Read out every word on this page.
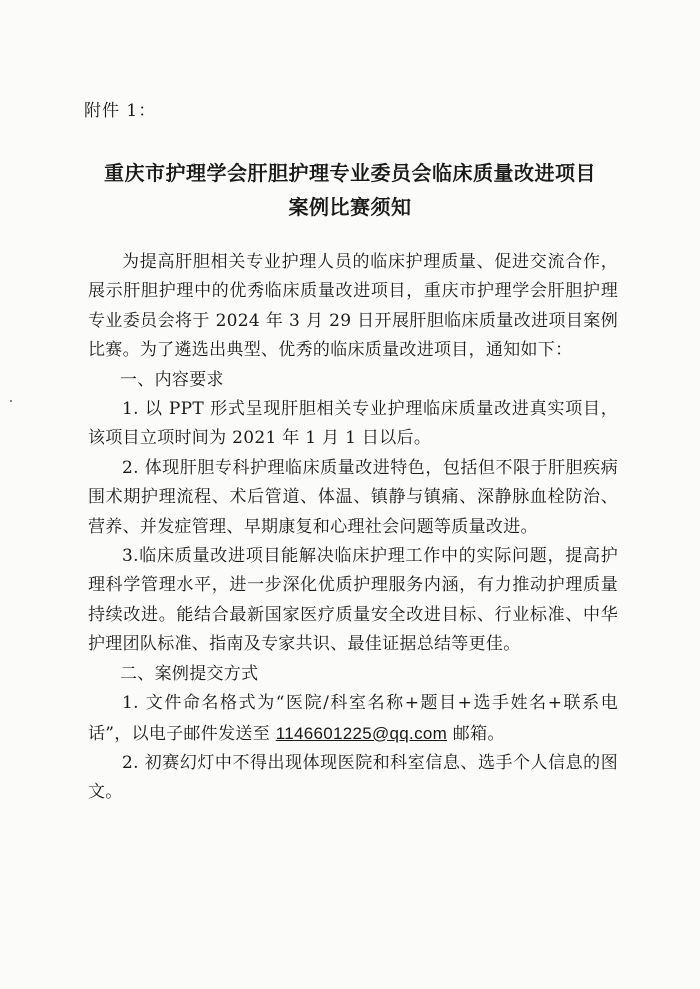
附件 1：
重庆市护理学会肝胆护理专业委员会临床质量改进项目
案例比赛须知

为提高肝胆相关专业护理人员的临床护理质量、促进交流合作，展示肝胆护理中的优秀临床质量改进项目，重庆市护理学会肝胆护理专业委员会将于 2024 年 3 月 29 日开展肝胆临床质量改进项目案例比赛。为了遴选出典型、优秀的临床质量改进项目，通知如下：

一、内容要求

1. 以 PPT 形式呈现肝胆相关专业护理临床质量改进真实项目，该项目立项时间为 2021 年 1 月 1 日以后。

2. 体现肝胆专科护理临床质量改进特色，包括但不限于肝胆疾病围术期护理流程、术后管道、体温、镇静与镇痛、深静脉血栓防治、营养、并发症管理、早期康复和心理社会问题等质量改进。

3.临床质量改进项目能解决临床护理工作中的实际问题，提高护理科学管理水平，进一步深化优质护理服务内涵，有力推动护理质量持续改进。能结合最新国家医疗质量安全改进目标、行业标准、中华护理团队标准、指南及专家共识、最佳证据总结等更佳。

二、案例提交方式

1. 文件命名格式为“医院/科室名称+题目+选手姓名+联系电话”，以电子邮件发送至 1146601225@qq.com 邮箱。

2. 初赛幻灯中不得出现体现医院和科室信息、选手个人信息的图文。
